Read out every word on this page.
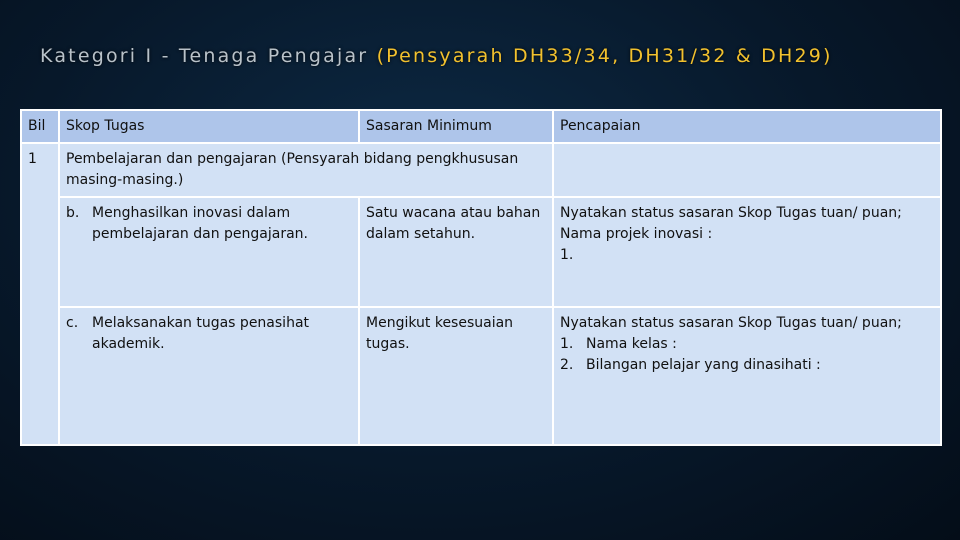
Kategori I - Tenaga Pengajar (Pensyarah DH33/34, DH31/32 & DH29)
Bil	Skop Tugas	Sasaran Minimum	Pencapaian
1	Pembelajaran dan pengajaran (Pensyarah bidang pengkhususan masing-masing.)		

	b. Menghasilkan inovasi dalam pembelajaran dan pengajaran.	Satu wacana atau bahan dalam setahun.	Nyatakan status sasaran Skop Tugas tuan/ puan; Nama projek inovasi :
1.

	c. Melaksanakan tugas penasihat akademik.	Mengikut kesesuaian tugas.	Nyatakan status sasaran Skop Tugas tuan/ puan;
1. Nama kelas :
2. Bilangan pelajar yang dinasihati :
